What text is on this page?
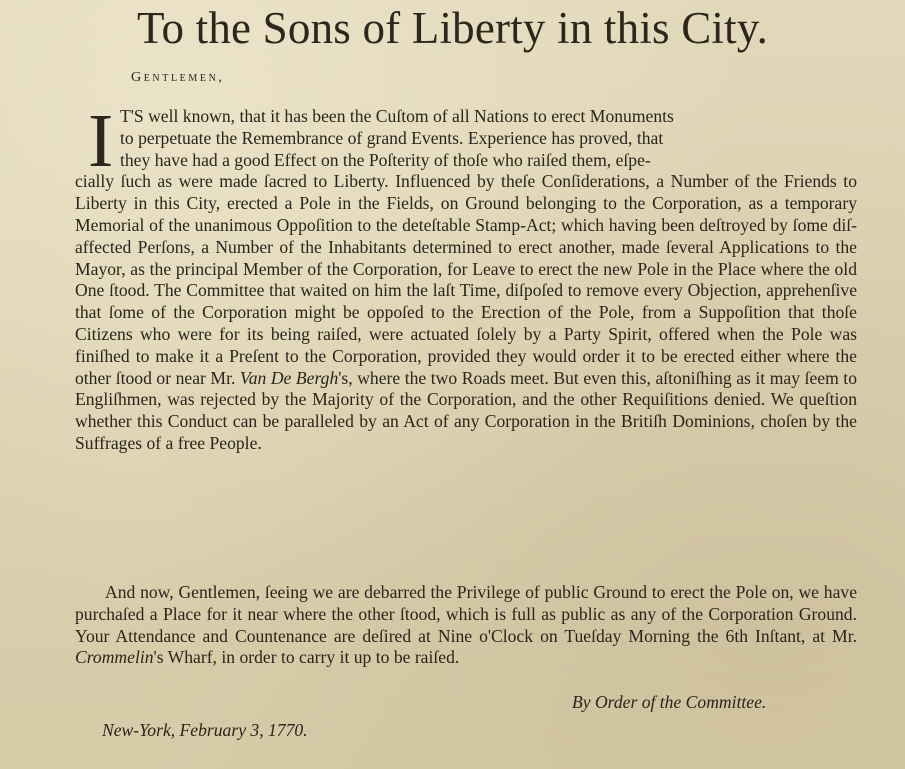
To the Sons of Liberty in this City.
Gentlemen,
I T'S well known, that it has been the Cuſtom of all Nations to erect Monuments
to perpetuate the Remembrance of grand Events. Experience has proved, that
they have had a good Effect on the Poſterity of thoſe who raiſed them, eſpe-
cially ſuch as were made ſacred to Liberty. Influenced by theſe Conſiderations, a Number of the Friends to Liberty in this City, erected a Pole in the Fields, on Ground belonging to the Corporation, as a temporary Memorial of the unanimous Oppoſition to the deteſtable Stamp-Act; which having been deſtroyed by ſome diſ-affected Perſons, a Number of the Inhabitants determined to erect another, made ſeveral Applications to the Mayor, as the principal Member of the Corporation, for Leave to erect the new Pole in the Place where the old One ſtood. The Committee that waited on him the laſt Time, diſpoſed to remove every Objection, apprehenſive that ſome of the Corporation might be oppoſed to the Erection of the Pole, from a Suppoſition that thoſe Citizens who were for its being raiſed, were actuated ſolely by a Party Spirit, offered when the Pole was finiſhed to make it a Preſent to the Corporation, provided they would order it to be erected either where the other ſtood or near Mr. Van De Bergh's, where the two Roads meet. But even this, aſtoniſhing as it may ſeem to Engliſhmen, was rejected by the Majority of the Corporation, and the other Requiſitions denied. We queſtion whether this Conduct can be paralleled by an Act of any Corporation in the Britiſh Dominions, choſen by the Suffrages of a free People.

And now, Gentlemen, ſeeing we are debarred the Privilege of public Ground to erect the Pole on, we have purchaſed a Place for it near where the other ſtood, which is full as public as any of the Corporation Ground. Your Attendance and Countenance are deſired at Nine o'Clock on Tueſday Morning the 6th Inſtant, at Mr. Crommelin's Wharf, in order to carry it up to be raiſed.

By Order of the Committee.
New-York, February 3, 1770.
